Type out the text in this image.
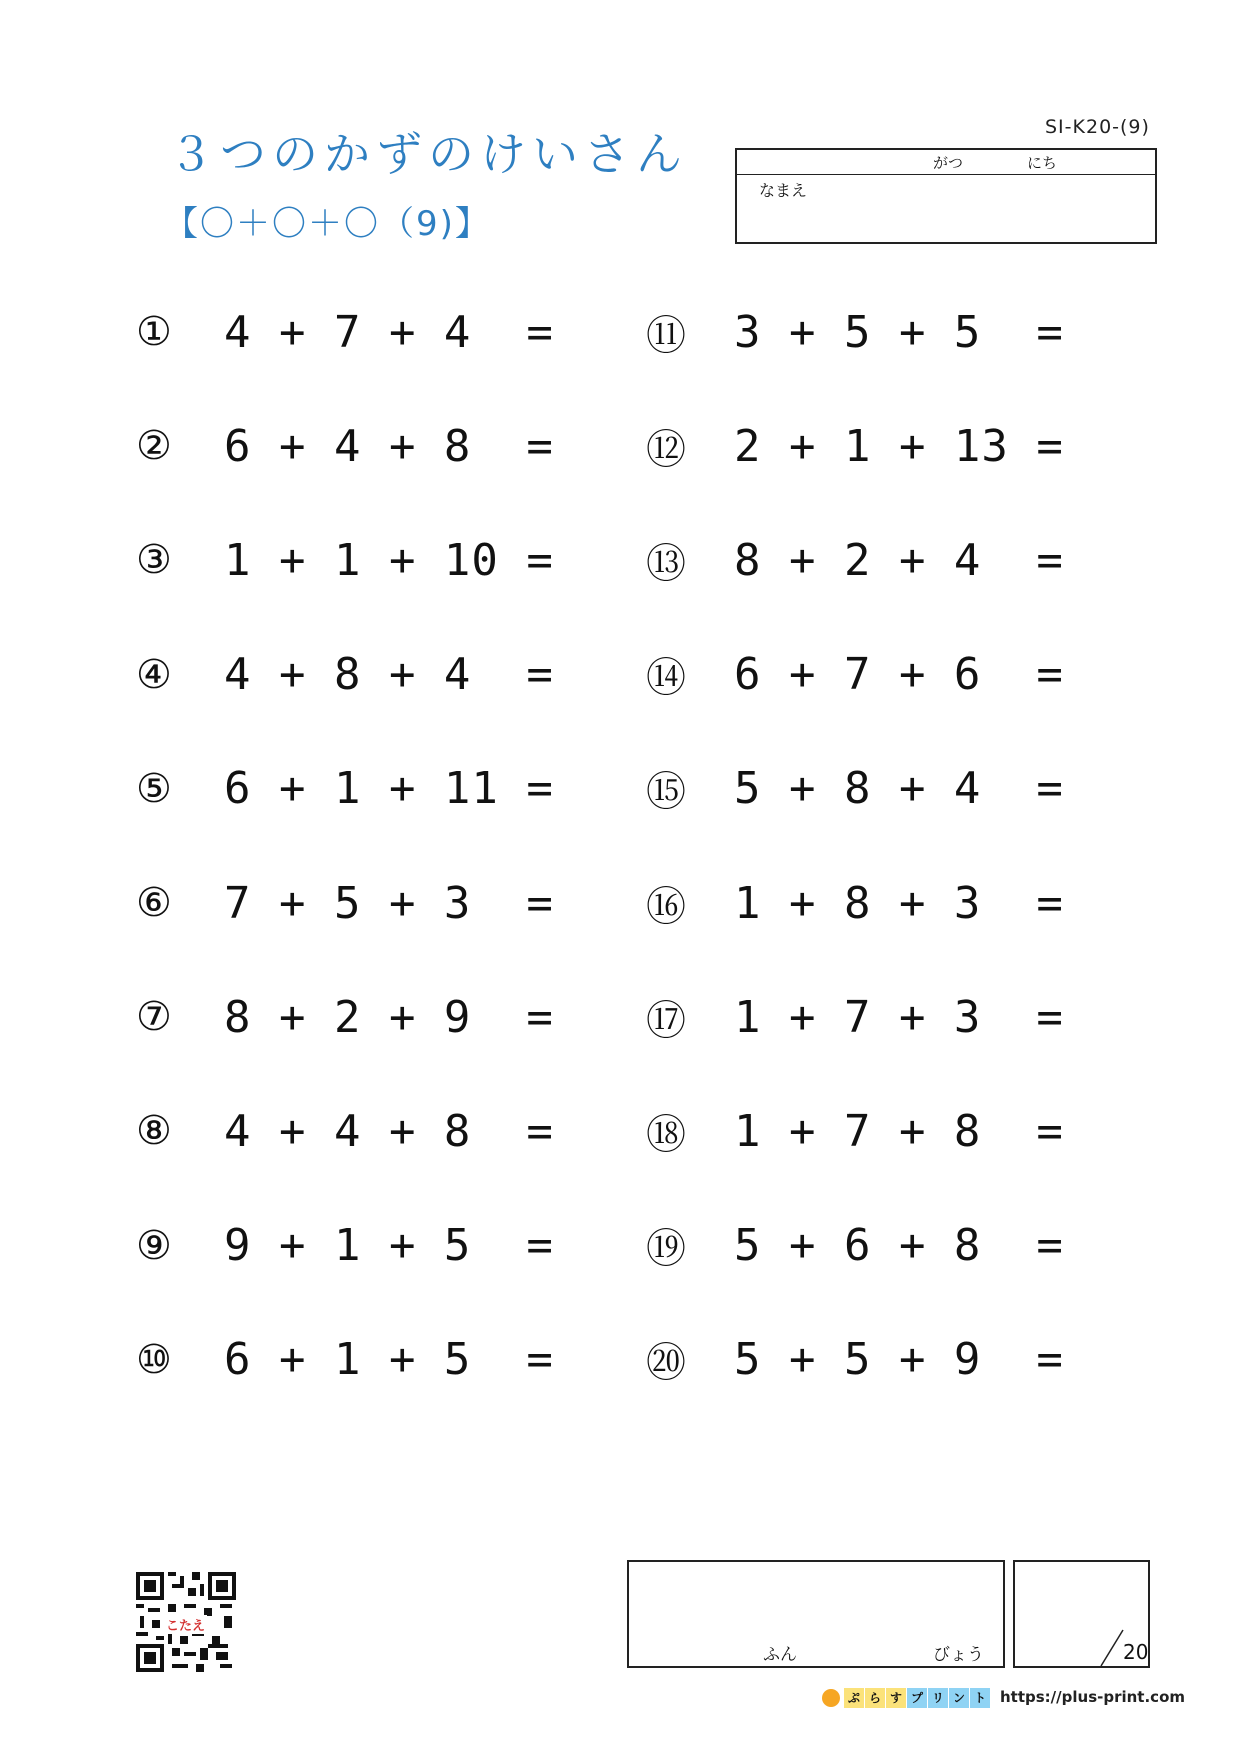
SI-K20-(9)
３つのかずのけいさん
【〇＋〇＋〇（9)】
がつ	にち
なまえ
①	4 + 7 + 4  =
②	6 + 4 + 8  =
③	1 + 1 + 10 =
④	4 + 8 + 4  =
⑤	6 + 1 + 11 =
⑥	7 + 5 + 3  =
⑦	8 + 2 + 9  =
⑧	4 + 4 + 8  =
⑨	9 + 1 + 5  =
⑩	6 + 1 + 5  =
⑪	3 + 5 + 5  =
⑫	2 + 1 + 13 =
⑬	8 + 2 + 4  =
⑭	6 + 7 + 6  =
⑮	5 + 8 + 4  =
⑯	1 + 8 + 3  =
⑰	1 + 7 + 3  =
⑱	1 + 7 + 8  =
⑲	5 + 6 + 8  =
⑳	5 + 5 + 9  =
ふん	びょう	20
こたえ
ぷ ら す プ リ ン ト https://plus-print.com
